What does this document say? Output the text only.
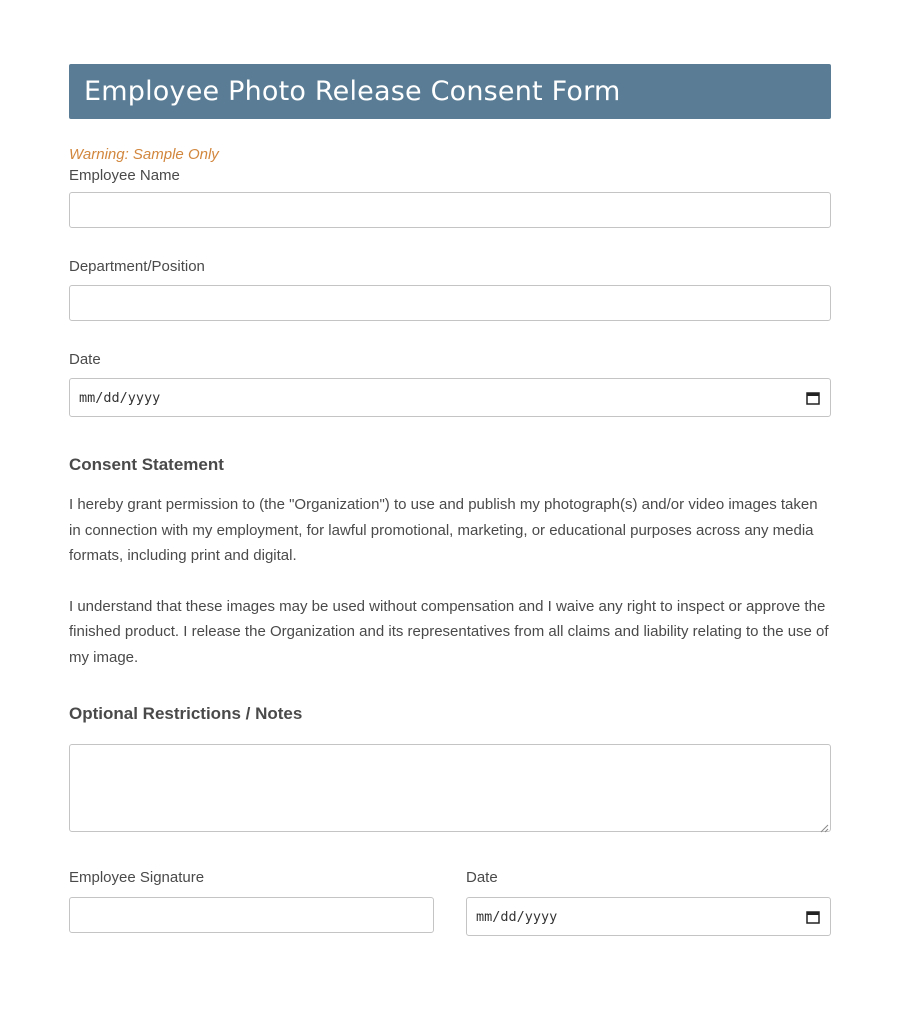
Employee Photo Release Consent Form
Warning: Sample Only
Employee Name
Department/Position
Date
mm/dd/yyyy
Consent Statement

I hereby grant permission to (the "Organization") to use and publish my photograph(s) and/or video images taken in connection with my employment, for lawful promotional, marketing, or educational purposes across any media formats, including print and digital.

I understand that these images may be used without compensation and I waive any right to inspect or approve the finished product. I release the Organization and its representatives from all claims and liability relating to the use of my image.

Optional Restrictions / Notes
Employee Signature	Date
mm/dd/yyyy
